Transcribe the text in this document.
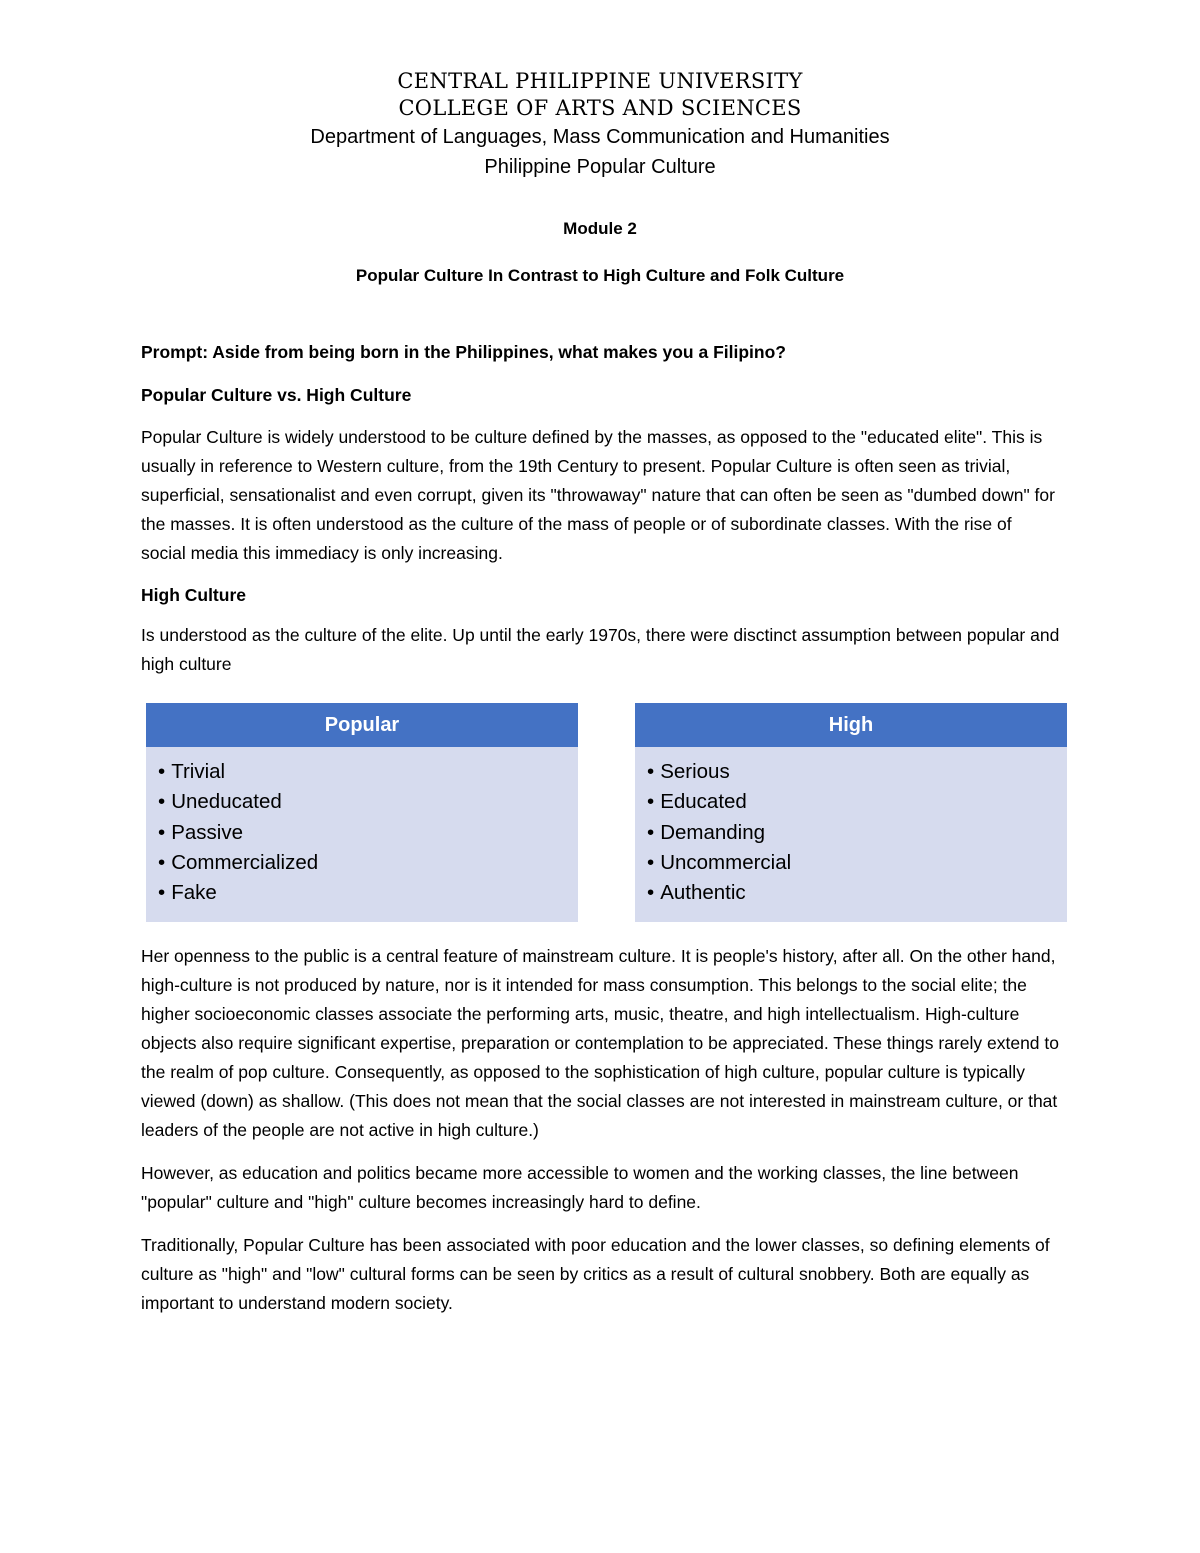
CENTRAL PHILIPPINE UNIVERSITY

COLLEGE OF ARTS AND SCIENCES

Department of Languages, Mass Communication and Humanities

Philippine Popular Culture

Module 2

Popular Culture In Contrast to High Culture and Folk Culture

Prompt: Aside from being born in the Philippines, what makes you a Filipino?

Popular Culture vs. High Culture

Popular Culture is widely understood to be culture defined by the masses, as opposed to the "educated elite". This is usually in reference to Western culture, from the 19th Century to present. Popular Culture is often seen as trivial, superficial, sensationalist and even corrupt, given its "throwaway" nature that can often be seen as "dumbed down" for the masses. It is often understood as the culture of the mass of people or of subordinate classes. With the rise of social media this immediacy is only increasing.

High Culture

Is understood as the culture of the elite. Up until the early 1970s, there were disctinct assumption between popular and high culture

Popular
• Trivial
• Uneducated
• Passive
• Commercialized
• Fake
High
• Serious
• Educated
• Demanding
• Uncommercial
• Authentic

Her openness to the public is a central feature of mainstream culture. It is people's history, after all. On the other hand, high-culture is not produced by nature, nor is it intended for mass consumption. This belongs to the social elite; the higher socioeconomic classes associate the performing arts, music, theatre, and high intellectualism. High-culture objects also require significant expertise, preparation or contemplation to be appreciated. These things rarely extend to the realm of pop culture. Consequently, as opposed to the sophistication of high culture, popular culture is typically viewed (down) as shallow. (This does not mean that the social classes are not interested in mainstream culture, or that leaders of the people are not active in high culture.)

However, as education and politics became more accessible to women and the working classes, the line between "popular" culture and "high" culture becomes increasingly hard to define.

Traditionally, Popular Culture has been associated with poor education and the lower classes, so defining elements of culture as "high" and "low" cultural forms can be seen by critics as a result of cultural snobbery. Both are equally as important to understand modern society.
